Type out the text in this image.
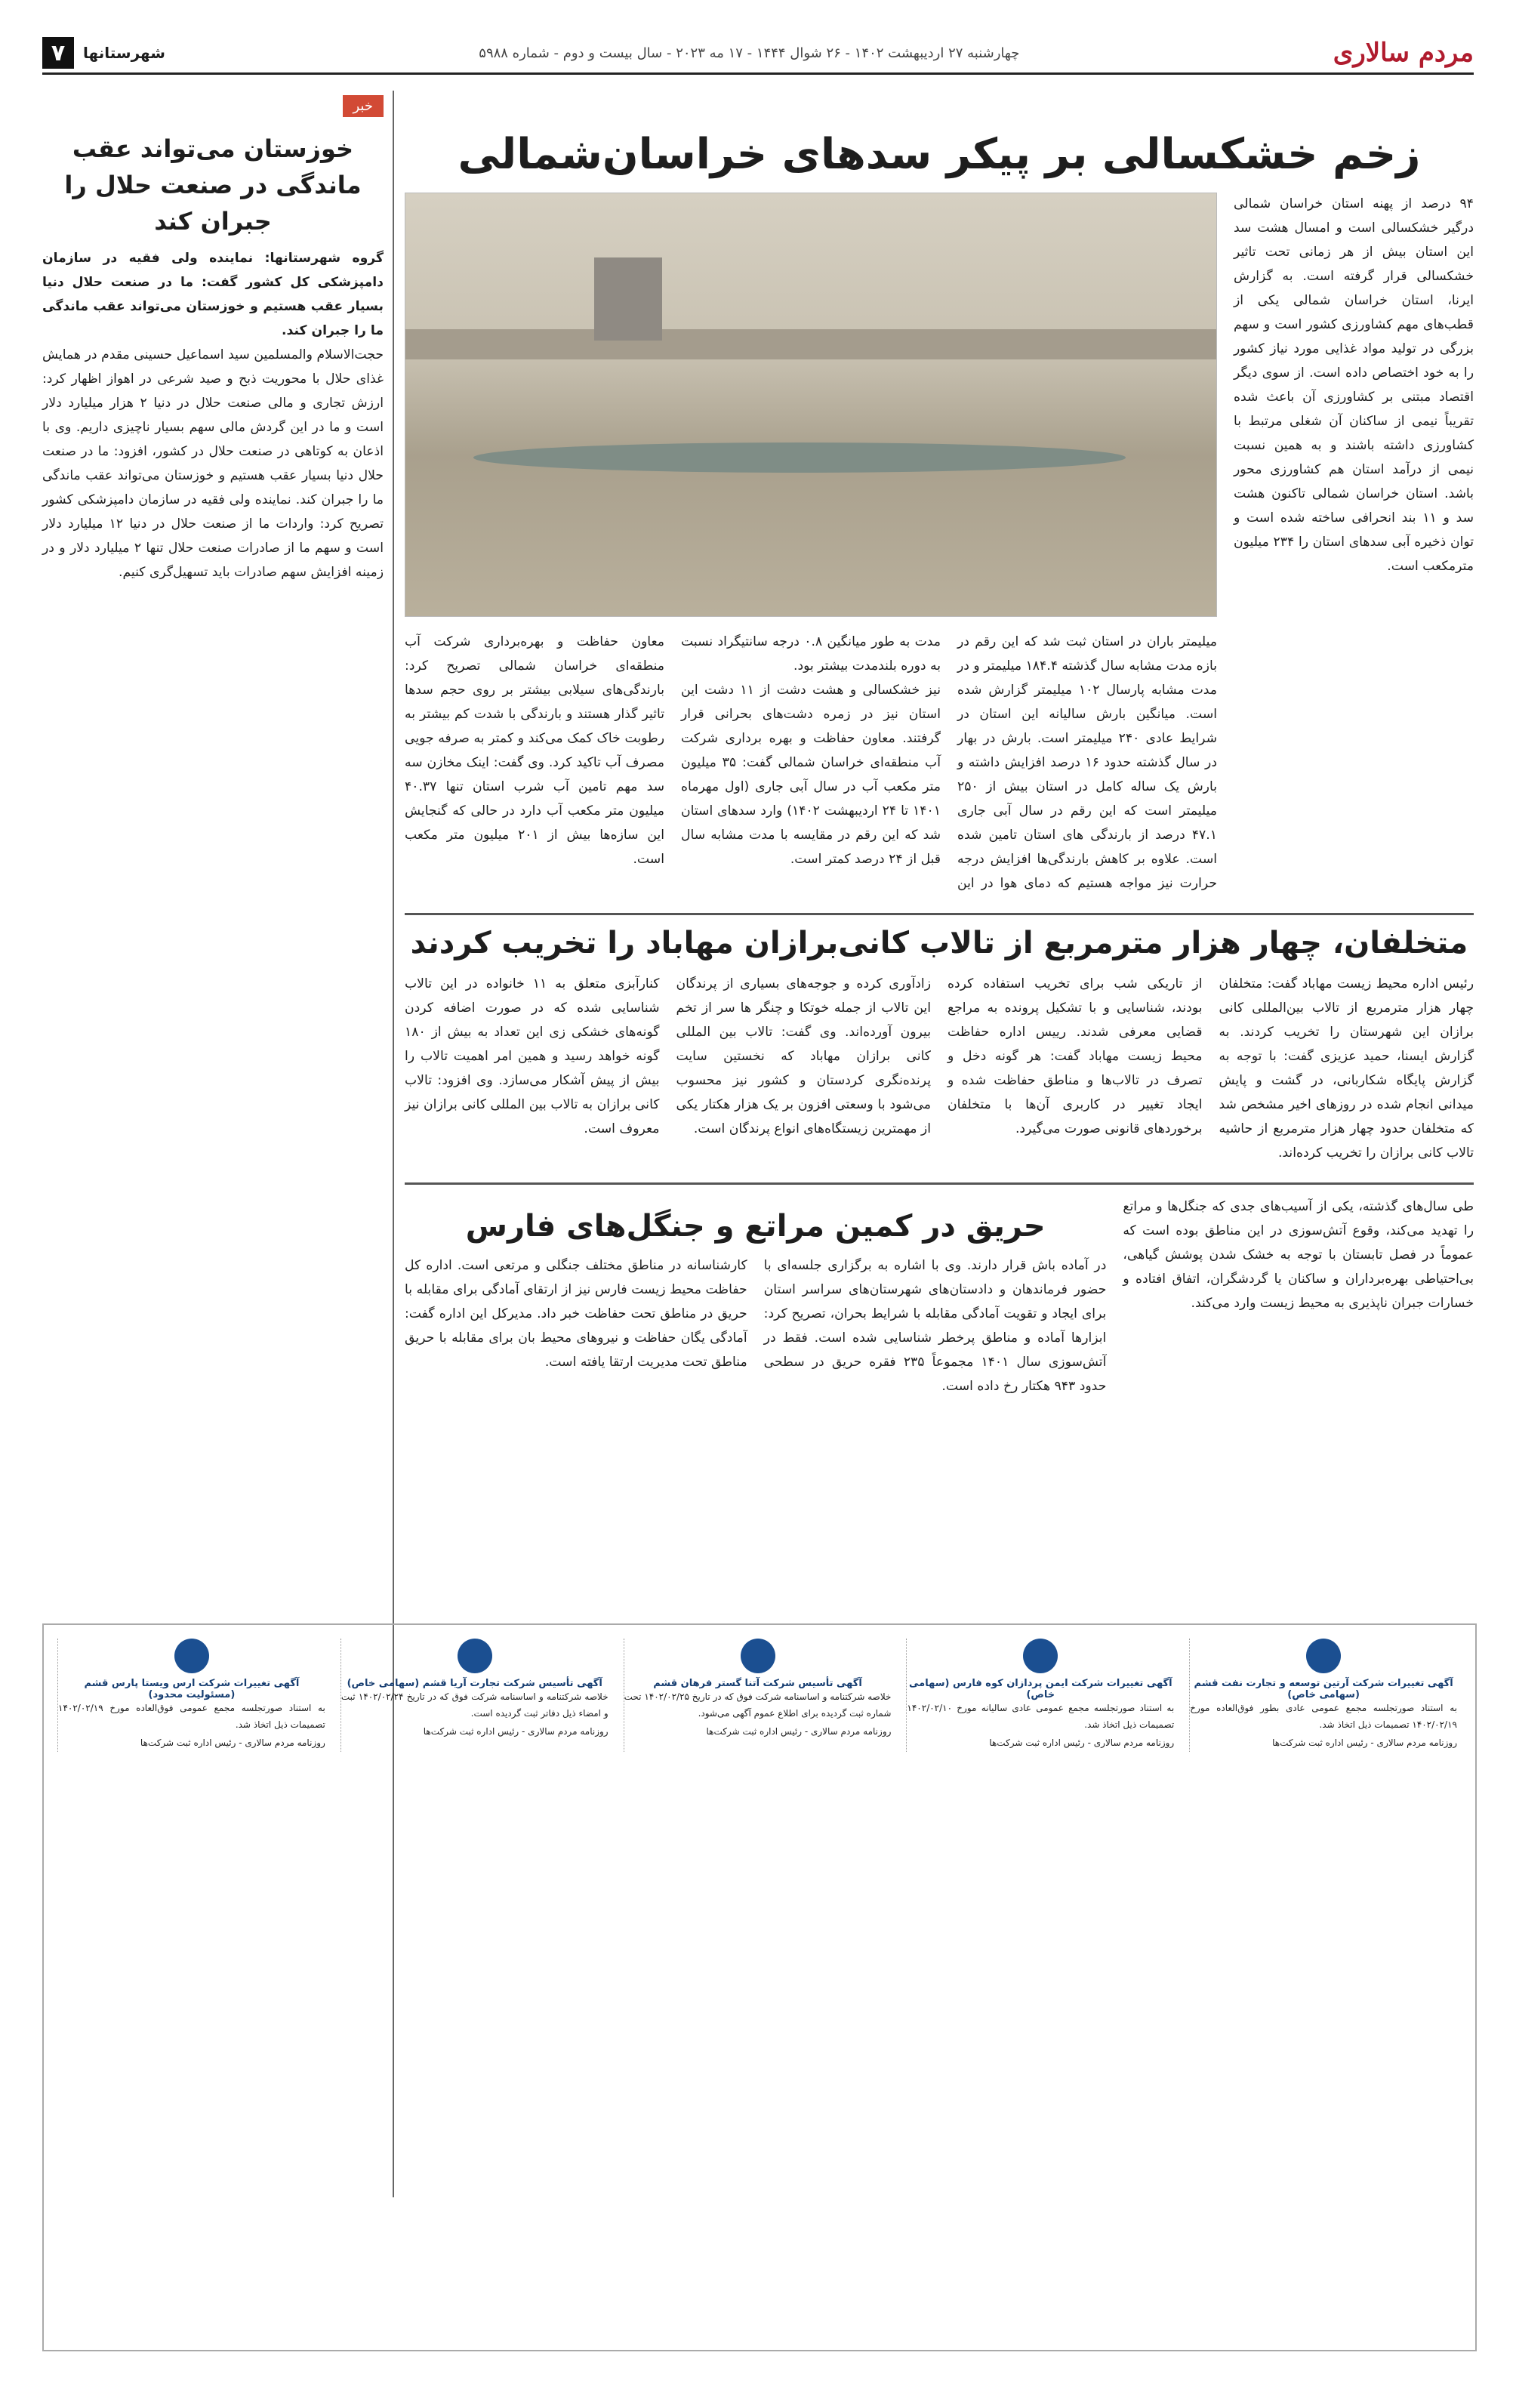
مردم سالاری
چهارشنبه ۲۷ اردیبهشت ۱۴۰۲ - ۲۶ شوال ۱۴۴۴ - ۱۷ مه ۲۰۲۳ - سال بیست و دوم - شماره ۵۹۸۸
شهرستانها
۷
خبر
خوزستان می‌تواند عقب ماندگی در صنعت حلال را جبران کند
گروه شهرستانها: نماینده ولی فقیه در سازمان دامپزشکی کل کشور گفت: ما در صنعت حلال دنیا بسیار عقب هستیم و خوزستان می‌تواند عقب ماندگی ما را جبران کند.
حجت‌الاسلام والمسلمین سید اسماعیل حسینی مقدم در همایش غذای حلال با محوریت ذبح و صید شرعی در اهواز اظهار کرد: ارزش تجاری و مالی صنعت حلال در دنیا ۲ هزار میلیارد دلار است و ما در این گردش مالی سهم بسیار ناچیزی داریم. وی با اذعان به کوتاهی در صنعت حلال در کشور، افزود: ما در صنعت حلال دنیا بسیار عقب هستیم و خوزستان می‌تواند عقب ماندگی ما را جبران کند. نماینده ولی فقیه در سازمان دامپزشکی کشور تصریح کرد: واردات ما از صنعت حلال در دنیا ۱۲ میلیارد دلار است و سهم ما از صادرات صنعت حلال تنها ۲ میلیارد دلار و در زمینه افزایش سهم صادرات باید تسهیل‌گری کنیم.
زخم خشکسالی بر پیکر سدهای خراسان‌شمالی
۹۴ درصد از پهنه استان خراسان شمالی درگیر خشکسالی است و امسال هشت سد این استان بیش از هر زمانی تحت تاثیر خشکسالی قرار گرفته است. به گزارش ایرنا، استان خراسان شمالی یکی از قطب‌های مهم کشاورزی کشور است و سهم بزرگی در تولید مواد غذایی مورد نیاز کشور را به خود اختصاص داده است. از سوی دیگر اقتصاد مبتنی بر کشاورزی آن باعث شده تقریباً نیمی از ساکنان آن شغلی مرتبط با کشاورزی داشته باشند و به همین نسبت نیمی از درآمد استان هم کشاورزی محور باشد. استان خراسان شمالی تاکنون هشت سد و ۱۱ بند انحرافی ساخته شده است و توان ذخیره آبی سدهای استان را ۲۳۴ میلیون مترمکعب است.
میلیمتر باران در استان ثبت شد که این رقم در بازه مدت مشابه سال گذشته ۱۸۴.۴ میلیمتر و در مدت مشابه پارسال ۱۰۲ میلیمتر گزارش شده است. میانگین بارش سالیانه این استان در شرایط عادی ۲۴۰ میلیمتر است. بارش در بهار در سال گذشته حدود ۱۶ درصد افزایش داشته و بارش یک ساله کامل در استان بیش از ۲۵۰ میلیمتر است که این رقم در سال آبی جاری ۴۷.۱ درصد از بارندگی های استان تامین شده است. علاوه بر کاهش بارندگی‌ها افزایش درجه حرارت نیز مواجه هستیم که دمای هوا در این مدت به طور میانگین ۰.۸ درجه سانتیگراد نسبت به دوره بلندمدت بیشتر بود.
نیز خشکسالی و هشت دشت از ۱۱ دشت این استان نیز در زمره دشت‌های بحرانی قرار گرفتند. معاون حفاظت و بهره برداری شرکت آب منطقه‌ای خراسان شمالی گفت: ۳۵ میلیون متر مکعب آب در سال آبی جاری (اول مهرماه ۱۴۰۱ تا ۲۴ اردیبهشت ۱۴۰۲) وارد سدهای استان شد که این رقم در مقایسه با مدت مشابه سال قبل از ۲۴ درصد کمتر است.
معاون حفاظت و بهره‌برداری شرکت آب منطقه‌ای خراسان شمالی تصریح کرد: بارندگی‌های سیلابی بیشتر بر روی حجم سدها تاثیر گذار هستند و بارندگی با شدت کم بیشتر به رطوبت خاک کمک می‌کند و کمتر به صرفه جویی مصرف آب تاکید کرد. وی گفت: اینک مخازن سه سد مهم تامین آب شرب استان تنها ۴۰.۳۷ میلیون متر مکعب آب دارد در حالی که گنجایش این سازه‌ها بیش از ۲۰۱ میلیون متر مکعب است.
متخلفان، چهار هزار مترمربع از تالاب کانی‌برازان مهاباد را تخریب کردند
رئیس اداره محیط زیست مهاباد گفت: متخلفان چهار هزار مترمربع از تالاب بین‌المللی کانی برازان این شهرستان را تخریب کردند. به گزارش ایسنا، حمید عزیزی گفت: با توجه به گزارش پایگاه شکاربانی، در گشت و پایش میدانی انجام شده در روزهای اخیر مشخص شد که متخلفان حدود چهار هزار مترمربع از حاشیه تالاب کانی برازان را تخریب کرده‌اند.
از تاریکی شب برای تخریب استفاده کرده بودند، شناسایی و با تشکیل پرونده به مراجع قضایی معرفی شدند. رییس اداره حفاظت محیط زیست مهاباد گفت: هر گونه دخل و تصرف در تالاب‌ها و مناطق حفاظت شده و ایجاد تغییر در کاربری آن‌ها با متخلفان برخوردهای قانونی صورت می‌گیرد.
زادآوری کرده و جوجه‌های بسیاری از پرندگان این تالاب از جمله خوتکا و چنگر ها سر از تخم بیرون آورده‌اند. وی گفت: تالاب بین المللی کانی برازان مهاباد که نخستین سایت پرنده‌نگری کردستان و کشور نیز محسوب می‌شود با وسعتی افزون بر یک هزار هکتار یکی از مهمترین زیستگاه‌های انواع پرندگان است.
کنارآبزی متعلق به ۱۱ خانواده در این تالاب شناسایی شده که در صورت اضافه کردن گونه‌های خشکی زی این تعداد به بیش از ۱۸۰ گونه خواهد رسید و همین امر اهمیت تالاب را بیش از پیش آشکار می‌سازد. وی افزود: تالاب کانی برازان به تالاب بین المللی کانی برازان نیز معروف است.
طی سال‌های گذشته، یکی از آسیب‌های جدی که جنگل‌ها و مراتع را تهدید می‌کند، وقوع آتش‌سوزی در این مناطق بوده است که عموماً در فصل تابستان با توجه به خشک شدن پوشش گیاهی، بی‌احتیاطی بهره‌برداران و ساکنان یا گردشگران، اتفاق افتاده و خسارات جبران ناپذیری به محیط زیست وارد می‌کند.
حریق در کمین مراتع و جنگل‌های فارس
در آماده باش قرار دارند. وی با اشاره به برگزاری جلسه‌ای با حضور فرماندهان و دادستان‌های شهرستان‌های سراسر استان برای ایجاد و تقویت آمادگی مقابله با شرایط بحران، تصریح کرد: ابزارها آماده و مناطق پرخطر شناسایی شده است. فقط در آتش‌سوزی سال ۱۴۰۱ مجموعاً ۲۳۵ فقره حریق در سطحی حدود ۹۴۳ هکتار رخ داده است.
کارشناسانه در مناطق مختلف جنگلی و مرتعی است. اداره کل حفاظت محیط زیست فارس نیز از ارتقای آمادگی برای مقابله با حریق در مناطق تحت حفاظت خبر داد. مدیرکل این اداره گفت: آمادگی یگان حفاظت و نیروهای محیط بان برای مقابله با حریق مناطق تحت مدیریت ارتقا یافته است.
آگهی تغییرات شرکت آرتین توسعه و تجارت نفت قشم (سهامی خاص)
به استناد صورتجلسه مجمع عمومی عادی بطور فوق‌العاده مورخ ۱۴۰۲/۰۲/۱۹ تصمیمات ذیل اتخاذ شد.
روزنامه مردم سالاری - رئیس اداره ثبت شرکت‌ها
آگهی تغییرات شرکت ایمن پردازان کوه فارس (سهامی خاص)
به استناد صورتجلسه مجمع عمومی عادی سالیانه مورخ ۱۴۰۲/۰۲/۱۰ تصمیمات ذیل اتخاذ شد.
روزنامه مردم سالاری - رئیس اداره ثبت شرکت‌ها
آگهی تأسیس شرکت آتنا گستر فرهان قشم
خلاصه شرکتنامه و اساسنامه شرکت فوق که در تاریخ ۱۴۰۲/۰۲/۲۵ تحت شماره ثبت گردیده برای اطلاع عموم آگهی می‌شود.
روزنامه مردم سالاری - رئیس اداره ثبت شرکت‌ها
آگهی تأسیس شرکت تجارت آریا قشم (سهامی خاص)
خلاصه شرکتنامه و اساسنامه شرکت فوق که در تاریخ ۱۴۰۲/۰۲/۲۴ ثبت و امضاء ذیل دفاتر ثبت گردیده است.
روزنامه مردم سالاری - رئیس اداره ثبت شرکت‌ها
آگهی تغییرات شرکت ارس ویستا پارس قشم (مسئولیت محدود)
به استناد صورتجلسه مجمع عمومی فوق‌العاده مورخ ۱۴۰۲/۰۲/۱۹ تصمیمات ذیل اتخاذ شد.
روزنامه مردم سالاری - رئیس اداره ثبت شرکت‌ها
